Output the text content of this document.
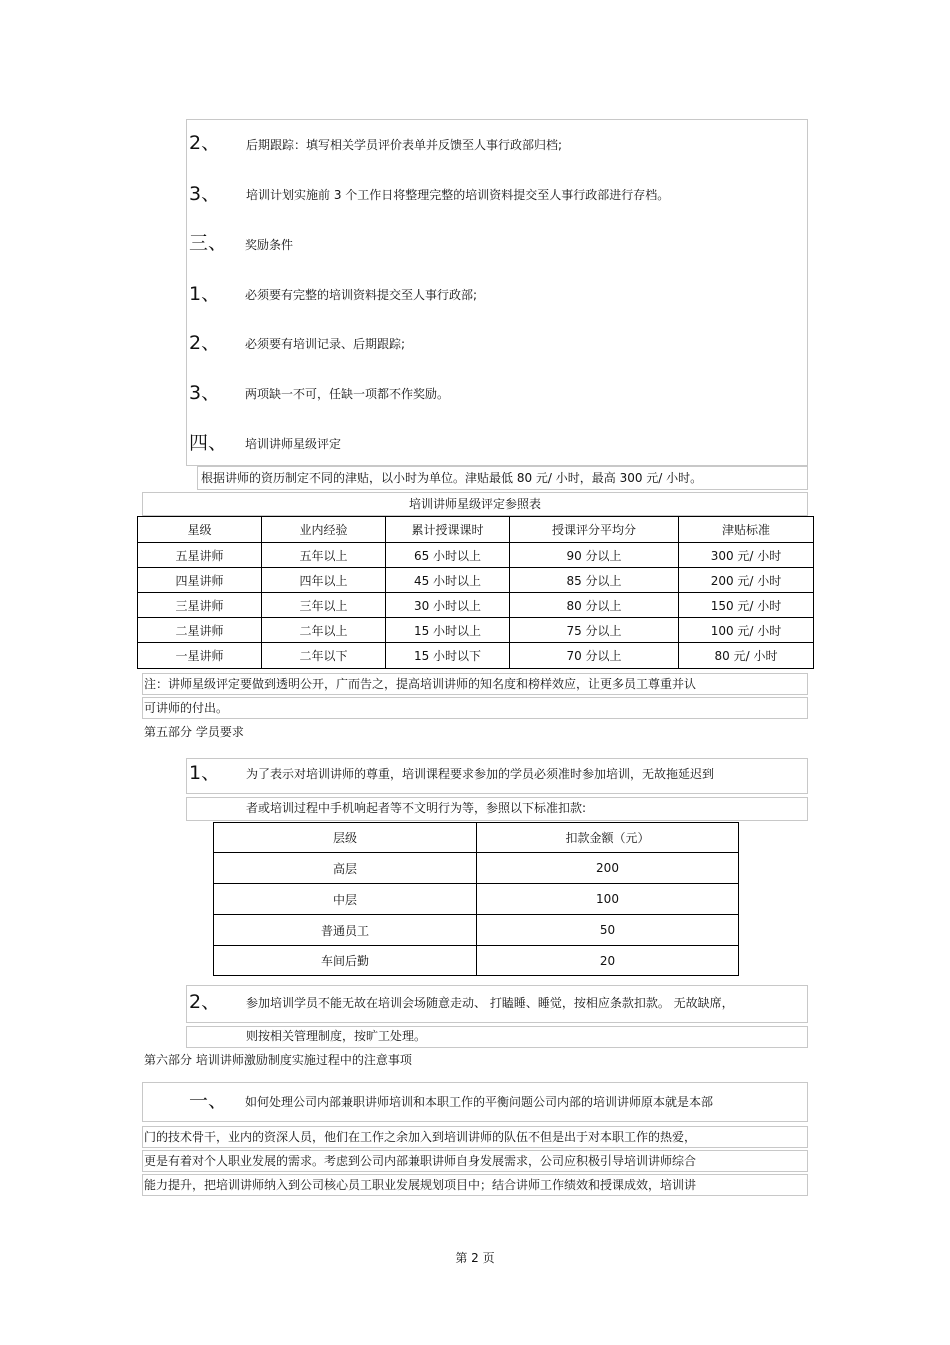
2、 后期跟踪：填写相关学员评价表单并反馈至人事行政部归档;
3、 培训计划实施前 3 个工作日将整理完整的培训资料提交至人事行政部进行存档。
三、 奖励条件
1、 必须要有完整的培训资料提交至人事行政部;
2、 必须要有培训记录、后期跟踪;
3、 两项缺一不可，任缺一项都不作奖励。
四、 培训讲师星级评定
根据讲师的资历制定不同的津贴，以小时为单位。津贴最低 80 元/ 小时，最高 300 元/ 小时。
培训讲师星级评定参照表
星级	业内经验	累计授课课时	授课评分平均分	津贴标准
五星讲师	五年以上	65 小时以上	90 分以上	300 元/ 小时
四星讲师	四年以上	45 小时以上	85 分以上	200 元/ 小时
三星讲师	三年以上	30 小时以上	80 分以上	150 元/ 小时
二星讲师	二年以上	15 小时以上	75 分以上	100 元/ 小时
一星讲师	二年以下	15 小时以下	70 分以上	80 元/ 小时
注：讲师星级评定要做到透明公开，广而告之，提高培训讲师的知名度和榜样效应，让更多员工尊重并认
可讲师的付出。
第五部分 学员要求
1、 为了表示对培训讲师的尊重，培训课程要求参加的学员必须准时参加培训，无故拖延迟到
者或培训过程中手机响起者等不文明行为等，参照以下标准扣款:
层级	扣款金额（元）
高层	200
中层	100
普通员工	50
车间后勤	20
2、 参加培训学员不能无故在培训会场随意走动、 打瞌睡、睡觉，按相应条款扣款。 无故缺席，
则按相关管理制度，按旷工处理。
第六部分 培训讲师激励制度实施过程中的注意事项
一、 如何处理公司内部兼职讲师培训和本职工作的平衡问题公司内部的培训讲师原本就是本部
门的技术骨干，业内的资深人员，他们在工作之余加入到培训讲师的队伍不但是出于对本职工作的热爱，
更是有着对个人职业发展的需求。考虑到公司内部兼职讲师自身发展需求，公司应积极引导培训讲师综合
能力提升，把培训讲师纳入到公司核心员工职业发展规划项目中；结合讲师工作绩效和授课成效，培训讲
第 2 页
